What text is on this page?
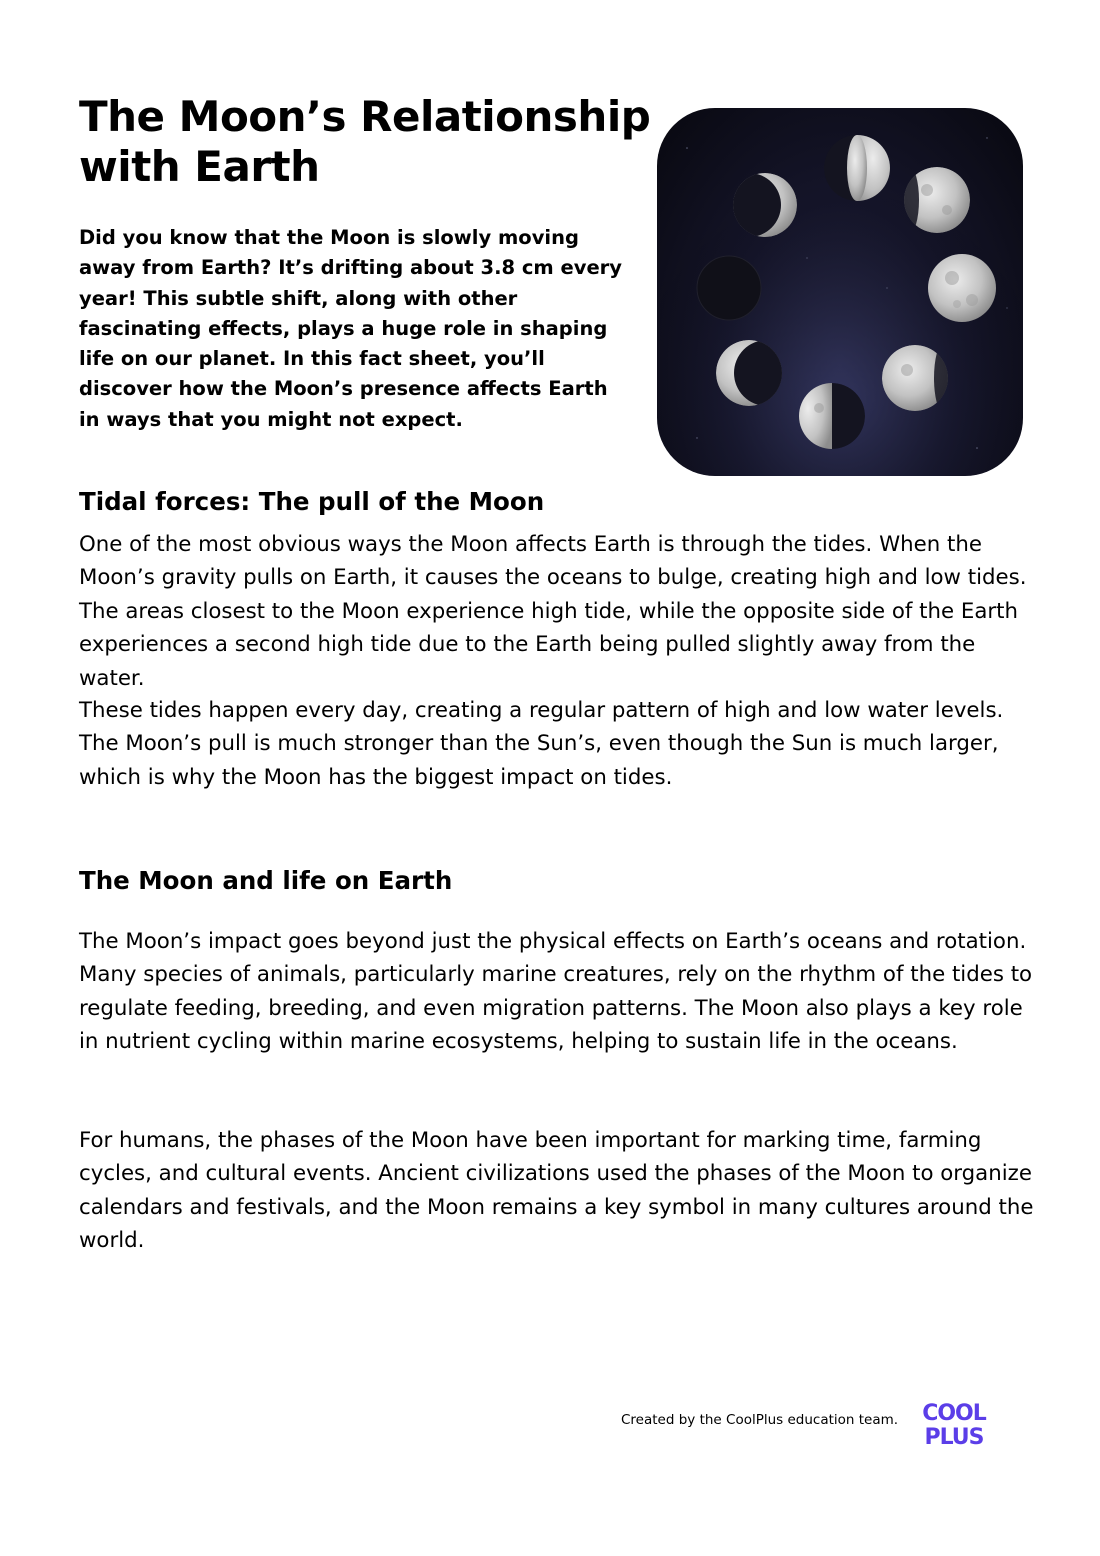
The Moon’s Relationship with Earth

Did you know that the Moon is slowly moving away from Earth? It’s drifting about 3.8 cm every year! This subtle shift, along with other fascinating effects, plays a huge role in shaping life on our planet. In this fact sheet, you’ll discover how the Moon’s presence affects Earth in ways that you might not expect.

Tidal forces: The pull of the Moon

One of the most obvious ways the Moon affects Earth is through the tides. When the Moon’s gravity pulls on Earth, it causes the oceans to bulge, creating high and low tides. The areas closest to the Moon experience high tide, while the opposite side of the Earth experiences a second high tide due to the Earth being pulled slightly away from the water.

These tides happen every day, creating a regular pattern of high and low water levels. The Moon’s pull is much stronger than the Sun’s, even though the Sun is much larger, which is why the Moon has the biggest impact on tides.

The Moon and life on Earth

The Moon’s impact goes beyond just the physical effects on Earth’s oceans and rotation. Many species of animals, particularly marine creatures, rely on the rhythm of the tides to regulate feeding, breeding, and even migration patterns. The Moon also plays a key role in nutrient cycling within marine ecosystems, helping to sustain life in the oceans.

For humans, the phases of the Moon have been important for marking time, farming cycles, and cultural events. Ancient civilizations used the phases of the Moon to organize calendars and festivals, and the Moon remains a key symbol in many cultures around the world.

Created by the CoolPlus education team. COOL
PLUS
